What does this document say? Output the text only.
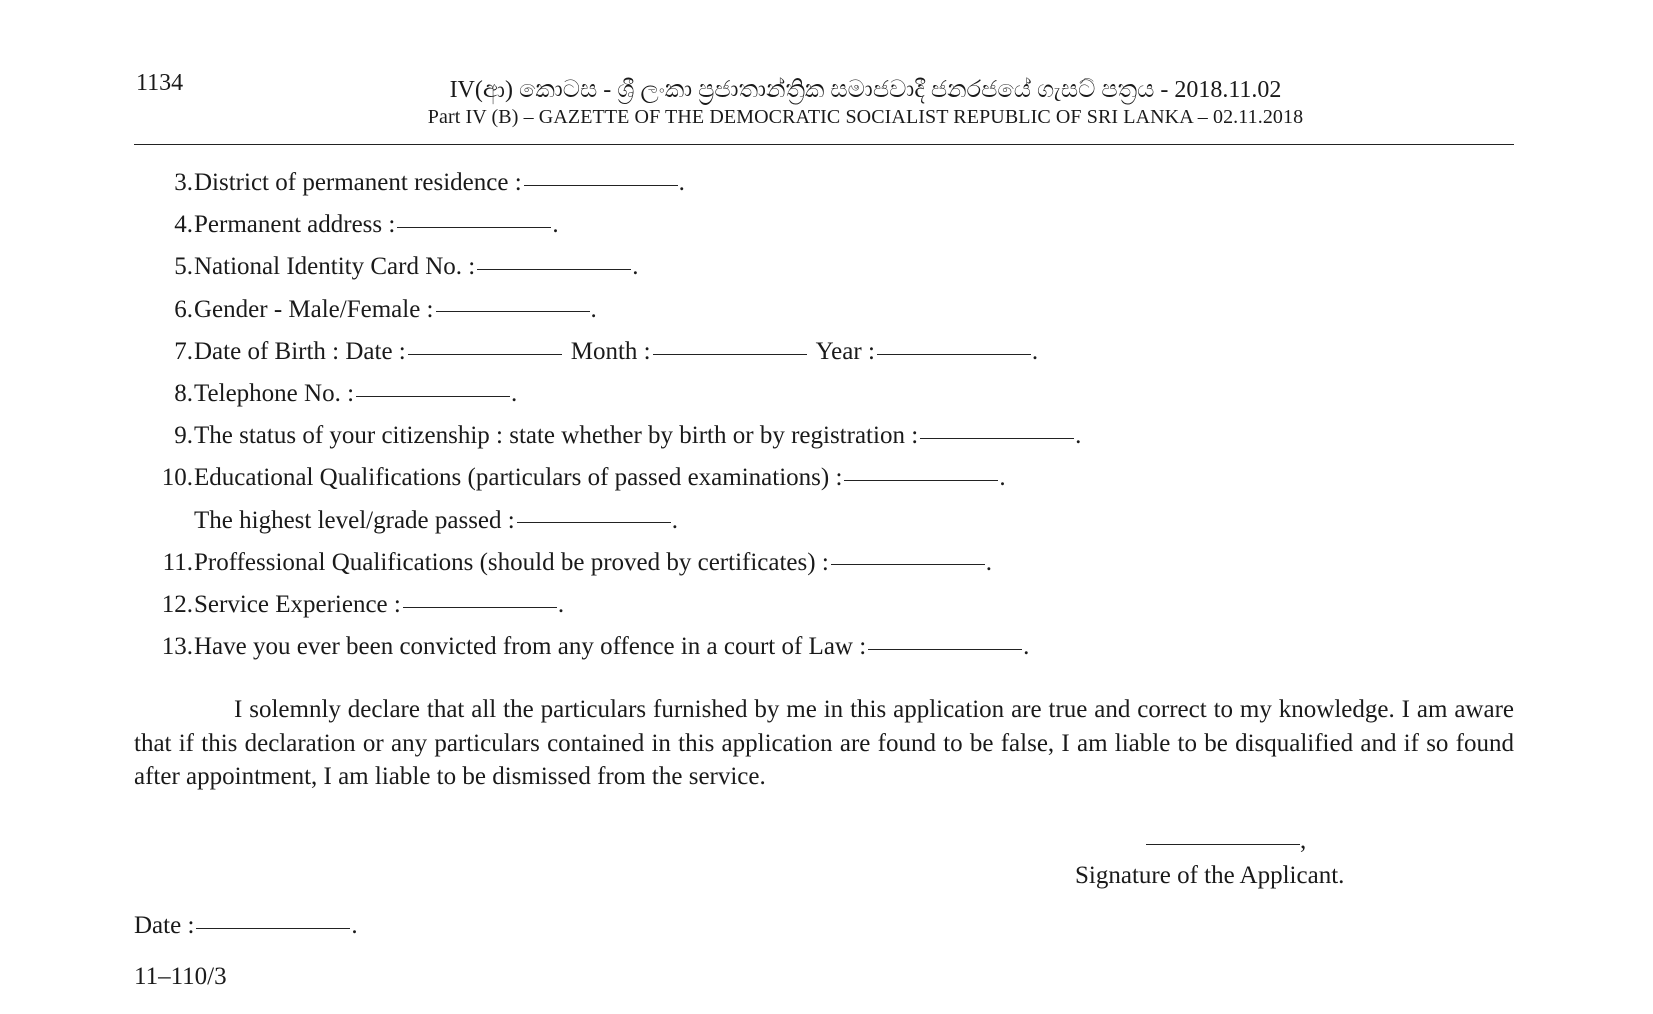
1134	IV(ආ) කොටස - ශ්‍රී ලංකා ප්‍රජාතාන්ත්‍රික සමාජවාදී ජනරජයේ ගැසට් පත්‍රය - 2018.11.02
Part IV (B) – GAZETTE OF THE DEMOCRATIC SOCIALIST REPUBLIC OF SRI LANKA – 02.11.2018
3.District of permanent residence :	.
4.Permanent address :	.
5.National Identity Card No. :	.
6.Gender - Male/Female :	.
7.Date of Birth : Date :	Month :	Year :	.
8.Telephone No. :	.
9.The status of your citizenship : state whether by birth or by registration :	.
10.Educational Qualifications (particulars of passed examinations) :	.
The highest level/grade passed :	.
11.Proffessional Qualifications (should be proved by certificates) :	.
12.Service Experience :	.
13.Have you ever been convicted from any offence in a court of Law :	.
I solemnly declare that all the particulars furnished by me in this application are true and correct to my knowledge. I am aware that if this declaration or any particulars contained in this application are found to be false, I am liable to be disqualified and if so found after appointment, I am liable to be dismissed from the service.
,
Signature of the Applicant.
Date :	.
11–110/3
